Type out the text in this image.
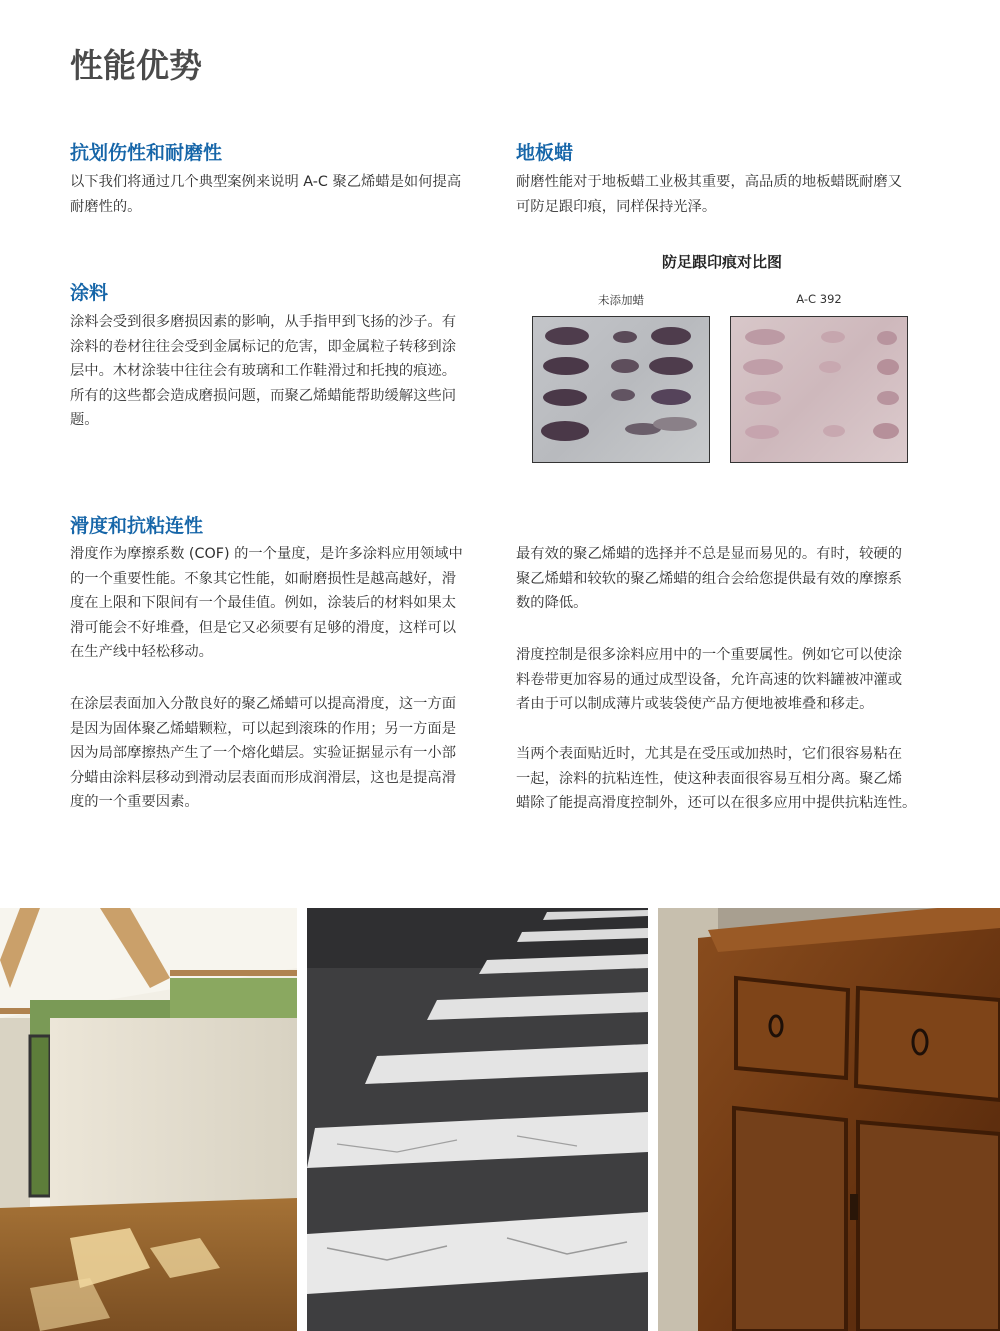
性能优势
抗划伤性和耐磨性
以下我们将通过几个典型案例来说明 A-C 聚乙烯蜡是如何提高
耐磨性的。
涂料
涂料会受到很多磨损因素的影响，从手指甲到飞扬的沙子。有
涂料的卷材往往会受到金属标记的危害，即金属粒子转移到涂
层中。木材涂装中往往会有玻璃和工作鞋滑过和托拽的痕迹。
所有的这些都会造成磨损问题，而聚乙烯蜡能帮助缓解这些问
题。
滑度和抗粘连性
滑度作为摩擦系数 (COF) 的一个量度，是许多涂料应用领域中
的一个重要性能。不象其它性能，如耐磨损性是越高越好，滑
度在上限和下限间有一个最佳值。例如，涂装后的材料如果太
滑可能会不好堆叠，但是它又必须要有足够的滑度，这样可以
在生产线中轻松移动。
在涂层表面加入分散良好的聚乙烯蜡可以提高滑度，这一方面
是因为固体聚乙烯蜡颗粒，可以起到滚珠的作用；另一方面是
因为局部摩擦热产生了一个熔化蜡层。实验证据显示有一小部
分蜡由涂料层移动到滑动层表面而形成润滑层，这也是提高滑
度的一个重要因素。
地板蜡
耐磨性能对于地板蜡工业极其重要，高品质的地板蜡既耐磨又
可防足跟印痕，同样保持光泽。
防足跟印痕对比图
未添加蜡	A-C 392
最有效的聚乙烯蜡的选择并不总是显而易见的。有时，较硬的
聚乙烯蜡和较软的聚乙烯蜡的组合会给您提供最有效的摩擦系
数的降低。
滑度控制是很多涂料应用中的一个重要属性。例如它可以使涂
料卷带更加容易的通过成型设备，允许高速的饮料罐被冲灌或
者由于可以制成薄片或装袋使产品方便地被堆叠和移走。
当两个表面贴近时，尤其是在受压或加热时，它们很容易粘在
一起，涂料的抗粘连性，使这种表面很容易互相分离。聚乙烯
蜡除了能提高滑度控制外，还可以在很多应用中提供抗粘连性。
